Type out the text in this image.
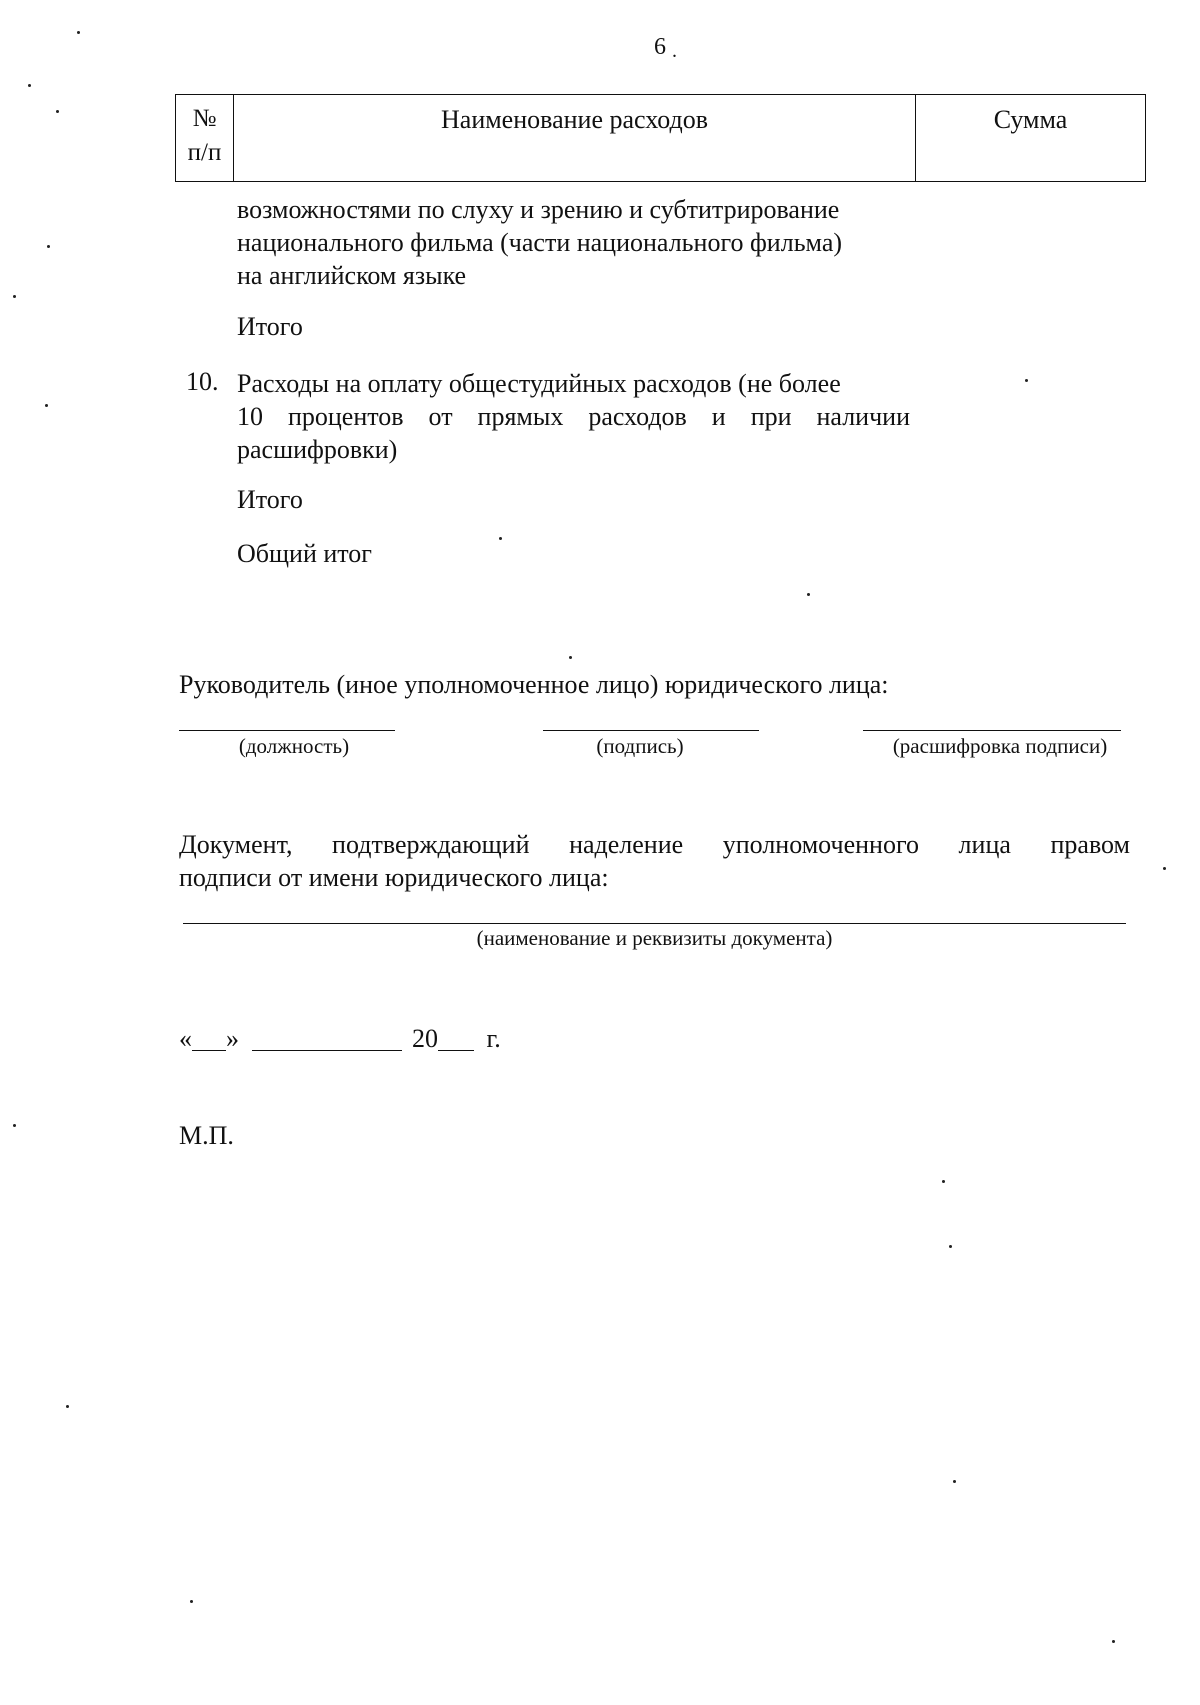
6 .
№
п/п
Наименование расходов	Сумма
возможностями по слуху и зрению и субтитрирование
национального фильма (части национального фильма)
на английском языке
Итого
10. Расходы на оплату общестудийных расходов (не более
10 процентов от прямых расходов и при наличии
расшифровки)
Итого
Общий итог
Руководитель (иное уполномоченное лицо) юридического лица:
(должность)	(подпись)	(расшифровка подписи)
Документ, подтверждающий наделение уполномоченного лица правом
подписи от имени юридического лица:
(наименование и реквизиты документа)
« »	20 г.
М.П.
